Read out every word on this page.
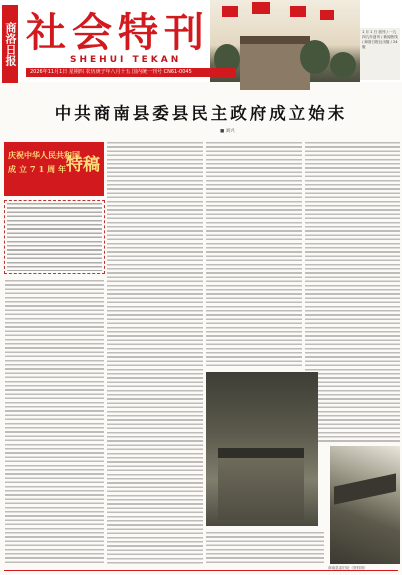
商洛日报 社会特刊
SHEHUI TEKAN
2026年11月1日 星期四 农历庚子年八月十五 国内统一刊号 CN61-0045
1 月 1 日 创刊 / 一九四九年创刊 / 新闻热线 / 商洛日报社出版 / 24 版
中共商南县委县民主政府成立始末
■ 刘兴
庆祝中华人民共和国
成立71周年
特稿
商南县委旧址（资料图）
